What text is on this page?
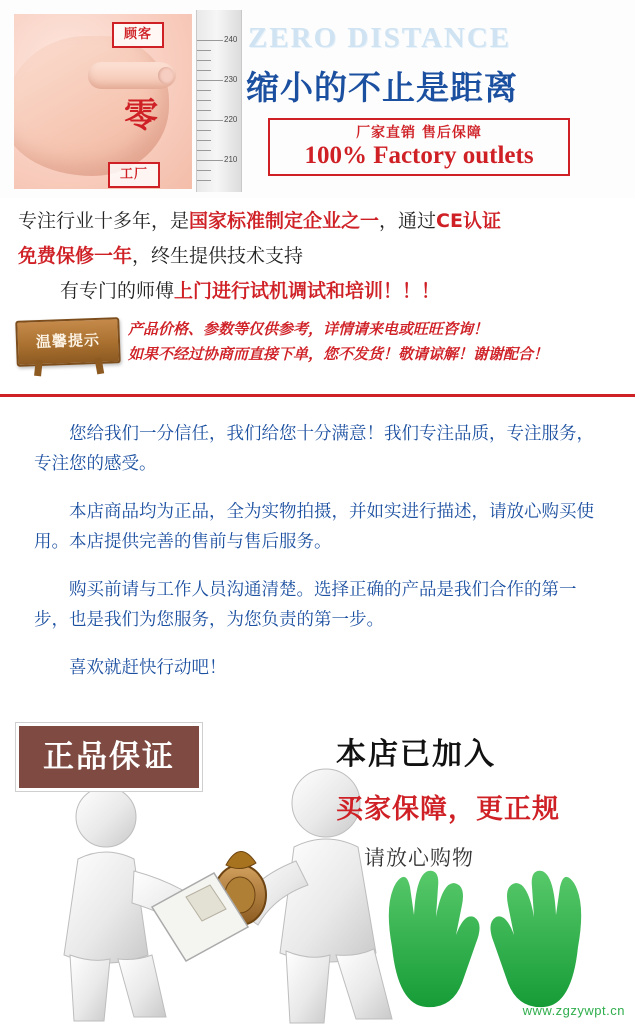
顾客
零
工厂
240
230
220
210
ZERO DISTANCE
缩小的不止是距离
厂家直销 售后保障
100% Factory outlets

专注行业十多年，是国家标准制定企业之一，通过CE认证

免费保修一年，终生提供技术支持

有专门的师傅上门进行试机调试和培训！！！

温馨提示
产品价格、参数等仅供参考，详情请来电或旺旺咨询！
如果不经过协商而直接下单，您不发货！敬请谅解！谢谢配合！

您给我们一分信任，我们给您十分满意！我们专注品质，专注服务，专注您的感受。

本店商品均为正品，全为实物拍摄，并如实进行描述，请放心购买使用。本店提供完善的售前与售后服务。

购买前请与工作人员沟通清楚。选择正确的产品是我们合作的第一步，也是我们为您服务，为您负责的第一步。

喜欢就赶快行动吧！

正品保证	本店已加入
买家保障，更正规
请放心购物
www.zgzywpt.cn
